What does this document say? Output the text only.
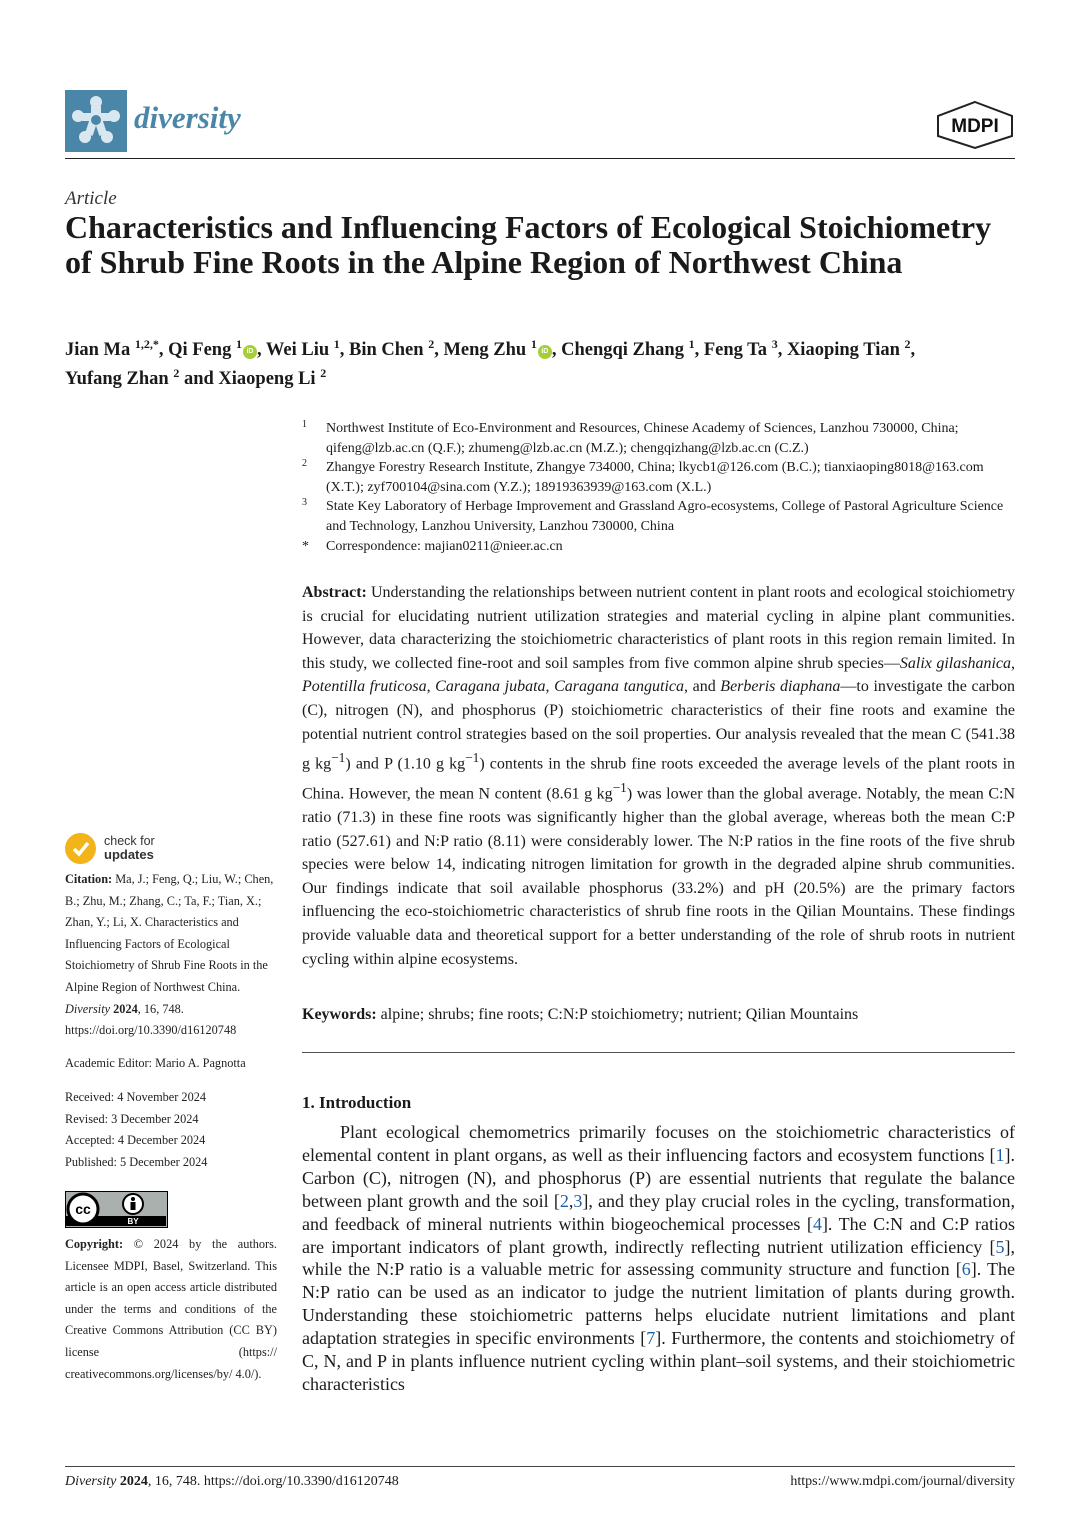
diversity	MDPI
Article
Characteristics and Influencing Factors of Ecological Stoichiometry of Shrub Fine Roots in the Alpine Region of Northwest China
Jian Ma $^{1,2,*}$, Qi Feng $^1$iD , Wei Liu $^1$, Bin Chen $^2$, Meng Zhu $^1$iD , Chengqi Zhang $^1$, Feng Ta $^3$, Xiaoping Tian $^2$,
Yufang Zhan $^2$ and Xiaopeng Li $^2$
1 Northwest Institute of Eco-Environment and Resources, Chinese Academy of Sciences, Lanzhou 730000, China; qifeng@lzb.ac.cn (Q.F.); zhumeng@lzb.ac.cn (M.Z.); chengqizhang@lzb.ac.cn (C.Z.)
2 Zhangye Forestry Research Institute, Zhangye 734000, China; lkycb1@126.com (B.C.); tianxiaoping8018@163.com (X.T.); zyf700104@sina.com (Y.Z.); 18919363939@163.com (X.L.)
3 State Key Laboratory of Herbage Improvement and Grassland Agro-ecosystems, College of Pastoral Agriculture Science and Technology, Lanzhou University, Lanzhou 730000, China
* Correspondence: majian0211@nieer.ac.cn
Abstract: Understanding the relationships between nutrient content in plant roots and ecological stoichiometry is crucial for elucidating nutrient utilization strategies and material cycling in alpine plant communities. However, data characterizing the stoichiometric characteristics of plant roots in this region remain limited. In this study, we collected fine-root and soil samples from five common alpine shrub species—Salix gilashanica, Potentilla fruticosa, Caragana jubata, Caragana tangutica, and Berberis diaphana—to investigate the carbon (C), nitrogen (N), and phosphorus (P) stoichiometric characteristics of their fine roots and examine the potential nutrient control strategies based on the soil properties. Our analysis revealed that the mean C (541.38 g $kg^{-1}$) and P (1.10 g $kg^{-1}$) contents in the shrub fine roots exceeded the average levels of the plant roots in China. However, the mean N content (8.61 g $kg^{-1}$) was lower than the global average. Notably, the mean C:N ratio (71.3) in these fine roots was significantly higher than the global average, whereas both the mean C:P ratio (527.61) and N:P ratio (8.11) were considerably lower. The N:P ratios in the fine roots of the five shrub species were below 14, indicating nitrogen limitation for growth in the degraded alpine shrub communities. Our findings indicate that soil available phosphorus (33.2%) and pH (20.5%) are the primary factors influencing the eco-stoichiometric characteristics of shrub fine roots in the Qilian Mountains. These findings provide valuable data and theoretical support for a better understanding of the role of shrub roots in nutrient cycling within alpine ecosystems.
Keywords: alpine; shrubs; fine roots; C:N:P stoichiometry; nutrient; Qilian Mountains
1. Introduction
Plant ecological chemometrics primarily focuses on the stoichiometric characteristics of elemental content in plant organs, as well as their influencing factors and ecosystem functions [1]. Carbon (C), nitrogen (N), and phosphorus (P) are essential nutrients that regulate the balance between plant growth and the soil [2,3], and they play crucial roles in the cycling, transformation, and feedback of mineral nutrients within biogeochemical processes [4]. The C:N and C:P ratios are important indicators of plant growth, indirectly reflecting nutrient utilization efficiency [5], while the N:P ratio is a valuable metric for assessing community structure and function [6]. The N:P ratio can be used as an indicator to judge the nutrient limitation of plants during growth. Understanding these stoichiometric patterns helps elucidate nutrient limitations and plant adaptation strategies in specific environments [7]. Furthermore, the contents and stoichiometry of C, N, and P in plants influence nutrient cycling within plant–soil systems, and their stoichiometric characteristics
check for
updates
Citation: Ma, J.; Feng, Q.; Liu, W.; Chen, B.; Zhu, M.; Zhang, C.; Ta, F.; Tian, X.; Zhan, Y.; Li, X. Characteristics and Influencing Factors of Ecological Stoichiometry of Shrub Fine Roots in the Alpine Region of Northwest China. Diversity 2024, 16, 748. https://doi.org/10.3390/d16120748
Academic Editor: Mario A. Pagnotta
Received: 4 November 2024
Revised: 3 December 2024
Accepted: 4 December 2024
Published: 5 December 2024
cc
BY
Copyright: © 2024 by the authors. Licensee MDPI, Basel, Switzerland. This article is an open access article distributed under the terms and conditions of the Creative Commons Attribution (CC BY) license (https:// creativecommons.org/licenses/by/ 4.0/).
Diversity 2024, 16, 748. https://doi.org/10.3390/d16120748	https://www.mdpi.com/journal/diversity
